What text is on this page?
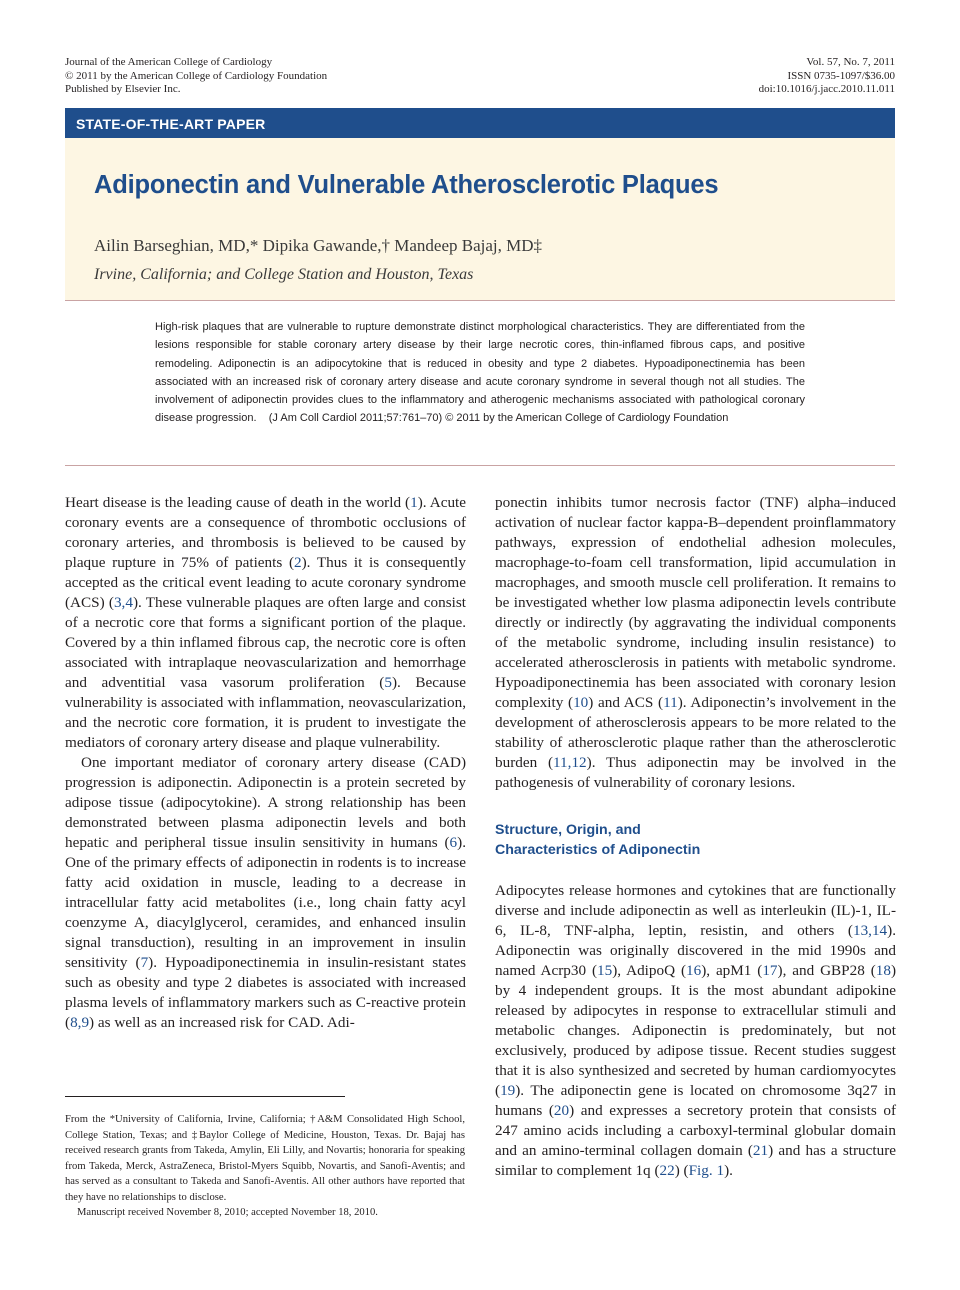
Journal of the American College of Cardiology
© 2011 by the American College of Cardiology Foundation
Published by Elsevier Inc.
Vol. 57, No. 7, 2011
ISSN 0735-1097/$36.00
doi:10.1016/j.jacc.2010.11.011
STATE-OF-THE-ART PAPER
Adiponectin and Vulnerable Atherosclerotic Plaques
Ailin Barseghian, MD,* Dipika Gawande,† Mandeep Bajaj, MD‡
Irvine, California; and College Station and Houston, Texas
High-risk plaques that are vulnerable to rupture demonstrate distinct morphological characteristics. They are differentiated from the lesions responsible for stable coronary artery disease by their large necrotic cores, thin-inflamed fibrous caps, and positive remodeling. Adiponectin is an adipocytokine that is reduced in obesity and type 2 diabetes. Hypoadiponectinemia has been associated with an increased risk of coronary artery disease and acute coronary syndrome in several though not all studies. The involvement of adiponectin provides clues to the inflammatory and atherogenic mechanisms associated with pathological coronary disease progression. (J Am Coll Cardiol 2011;57:761–70) © 2011 by the American College of Cardiology Foundation

Heart disease is the leading cause of death in the world (1). Acute coronary events are a consequence of thrombotic occlusions of coronary arteries, and thrombosis is believed to be caused by plaque rupture in 75% of patients (2). Thus it is consequently accepted as the critical event leading to acute coronary syndrome (ACS) (3,4). These vulnerable plaques are often large and consist of a necrotic core that forms a significant portion of the plaque. Covered by a thin inflamed fibrous cap, the necrotic core is often associated with intraplaque neovascularization and hemorrhage and adventitial vasa vasorum proliferation (5). Because vulnerability is associated with inflammation, neovascularization, and the necrotic core formation, it is prudent to investigate the mediators of coronary artery disease and plaque vulnerability.

One important mediator of coronary artery disease (CAD) progression is adiponectin. Adiponectin is a protein secreted by adipose tissue (adipocytokine). A strong relationship has been demonstrated between plasma adiponectin levels and both hepatic and peripheral tissue insulin sensitivity in humans (6). One of the primary effects of adiponectin in rodents is to increase fatty acid oxidation in muscle, leading to a decrease in intracellular fatty acid metabolites (i.e., long chain fatty acyl coenzyme A, diacylglycerol, ceramides, and enhanced insulin signal transduction), resulting in an improvement in insulin sensitivity (7). Hypoadiponectinemia in insulin-resistant states such as obesity and type 2 diabetes is associated with increased plasma levels of inflammatory markers such as C-reactive protein (8,9) as well as an increased risk for CAD. Adi-

ponectin inhibits tumor necrosis factor (TNF) alpha–induced activation of nuclear factor kappa-B–dependent proinflammatory pathways, expression of endothelial adhesion molecules, macrophage-to-foam cell transformation, lipid accumulation in macrophages, and smooth muscle cell proliferation. It remains to be investigated whether low plasma adiponectin levels contribute directly or indirectly (by aggravating the individual components of the metabolic syndrome, including insulin resistance) to accelerated atherosclerosis in patients with metabolic syndrome. Hypoadiponectinemia has been associated with coronary lesion complexity (10) and ACS (11). Adiponectin’s involvement in the development of atherosclerosis appears to be more related to the stability of atherosclerotic plaque rather than the atherosclerotic burden (11,12). Thus adiponectin may be involved in the pathogenesis of vulnerability of coronary lesions.

Structure, Origin, and
Characteristics of Adiponectin

Adipocytes release hormones and cytokines that are functionally diverse and include adiponectin as well as interleukin (IL)-1, IL-6, IL-8, TNF-alpha, leptin, resistin, and others (13,14). Adiponectin was originally discovered in the mid 1990s and named Acrp30 (15), AdipoQ (16), apM1 (17), and GBP28 (18) by 4 independent groups. It is the most abundant adipokine released by adipocytes in response to extracellular stimuli and metabolic changes. Adiponectin is predominately, but not exclusively, produced by adipose tissue. Recent studies suggest that it is also synthesized and secreted by human cardiomyocytes (19). The adiponectin gene is located on chromosome 3q27 in humans (20) and expresses a secretory protein that consists of 247 amino acids including a carboxyl-terminal globular domain and an amino-terminal collagen domain (21) and has a structure similar to complement 1q (22) (Fig. 1).

From the *University of California, Irvine, California; †A&M Consolidated High School, College Station, Texas; and ‡Baylor College of Medicine, Houston, Texas. Dr. Bajaj has received research grants from Takeda, Amylin, Eli Lilly, and Novartis; honoraria for speaking from Takeda, Merck, AstraZeneca, Bristol-Myers Squibb, Novartis, and Sanofi-Aventis; and has served as a consultant to Takeda and Sanofi-Aventis. All other authors have reported that they have no relationships to disclose.

Manuscript received November 8, 2010; accepted November 18, 2010.
